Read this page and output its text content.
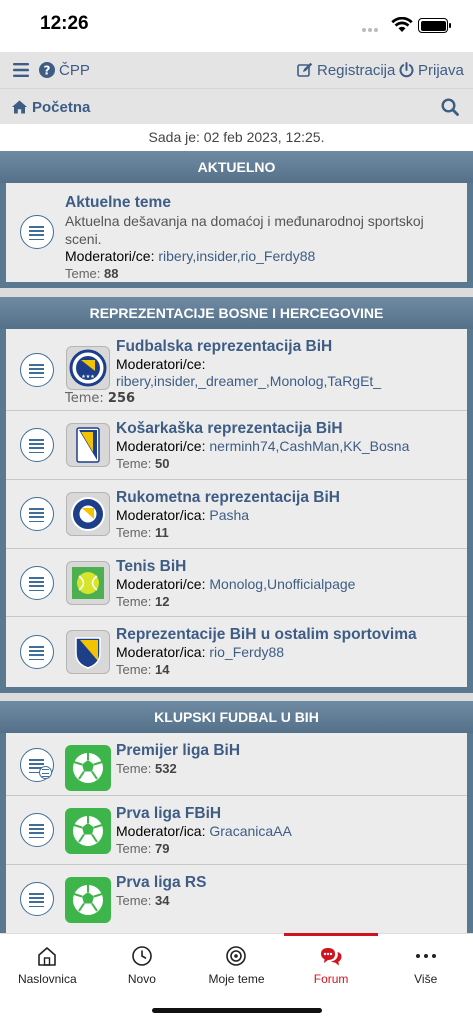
12:26
? ČPP	Registracija Prijava
Početna
Sada je: 02 feb 2023, 12:25.
AKTUELNO
Aktuelne teme
Aktuelna dešavanja na domaćoj i međunarodnoj sportskoj sceni.
Moderatori/ce: ribery,insider,rio_Ferdy88
Teme: 88
REPREZENTACIJE BOSNE I HERCEGOVINE
★★★
Fudbalska reprezentacija BiH
Moderatori/ce:
ribery,insider,_dreamer_,Monolog,TaRgEt_
Teme: 256
Košarkaška reprezentacija BiH
Moderatori/ce: nerminh74,CashMan,KK_Bosna
Teme: 50
Rukometna reprezentacija BiH
Moderator/ica: Pasha
Teme: 11
Tenis BiH
Moderatori/ce: Monolog,Unofficialpage
Teme: 12
Reprezentacije BiH u ostalim sportovima
Moderator/ica: rio_Ferdy88
Teme: 14
KLUPSKI FUDBAL U BIH
Premijer liga BiH
Teme: 532
Prva liga FBiH
Moderator/ica: GracanicaAA
Teme: 79
Prva liga RS
Teme: 34
Naslovnica	Novo	Moje teme	Forum	Više
